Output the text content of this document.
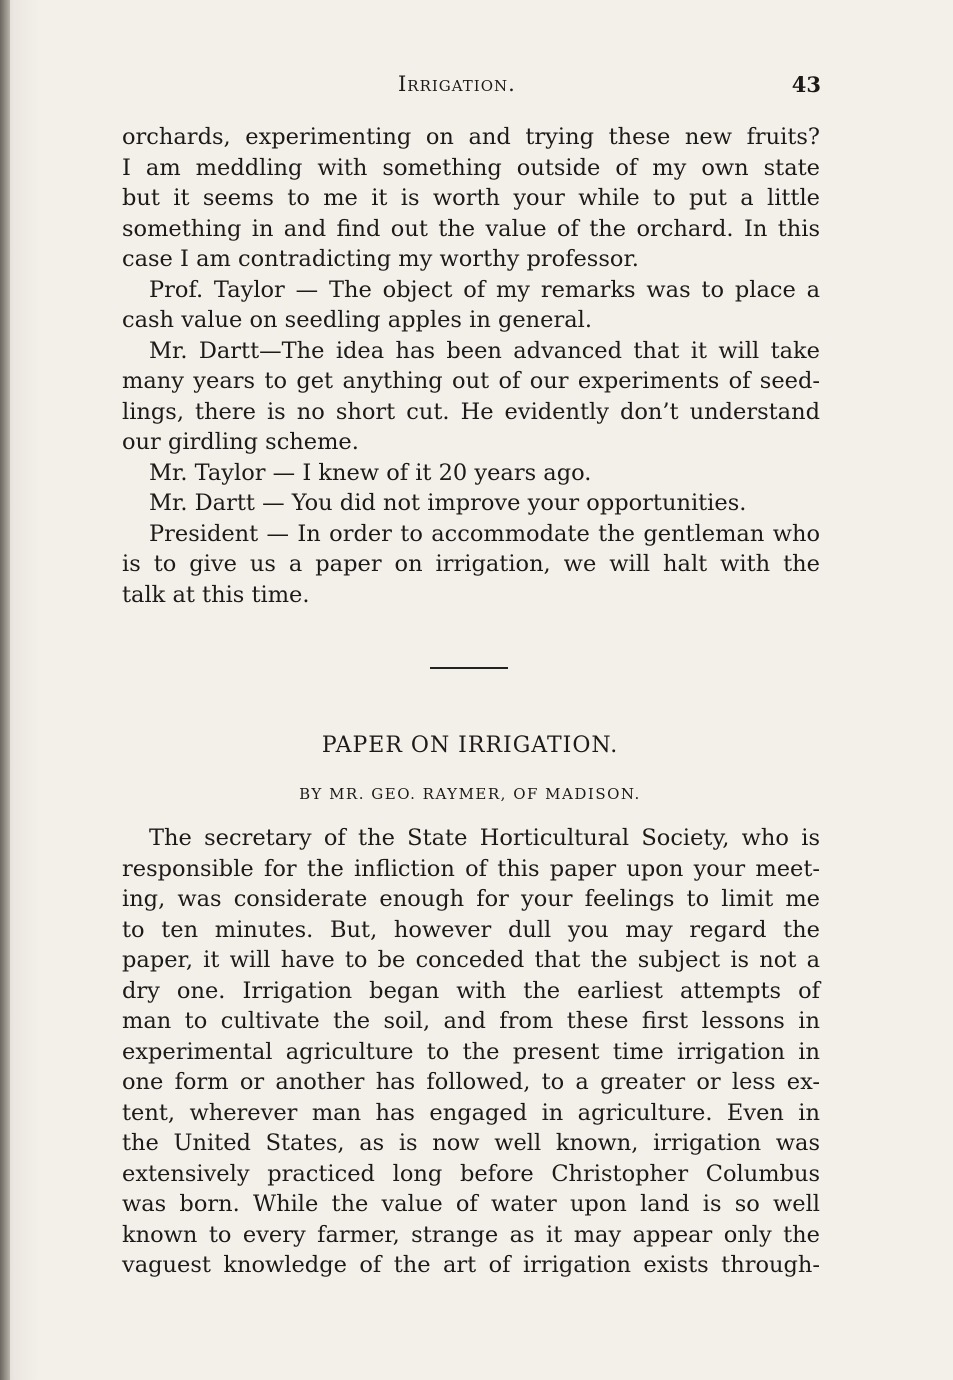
Irrigation.	43
orchards, experimenting on and trying these new fruits?
I am meddling with something outside of my own state
but it seems to me it is worth your while to put a little
something in and find out the value of the orchard. In this
case I am contradicting my worthy professor.
Prof. Taylor — The object of my remarks was to place a
cash value on seedling apples in general.
Mr. Dartt—The idea has been advanced that it will take
many years to get anything out of our experiments of seed-
lings, there is no short cut. He evidently don’t understand
our girdling scheme.
Mr. Taylor — I knew of it 20 years ago.
Mr. Dartt — You did not improve your opportunities.
President — In order to accommodate the gentleman who
is to give us a paper on irrigation, we will halt with the
talk at this time.
PAPER ON IRRIGATION.
BY MR. GEO. RAYMER, OF MADISON.
The secretary of the State Horticultural Society, who is
responsible for the infliction of this paper upon your meet-
ing, was considerate enough for your feelings to limit me
to ten minutes. But, however dull you may regard the
paper, it will have to be conceded that the subject is not a
dry one. Irrigation began with the earliest attempts of
man to cultivate the soil, and from these first lessons in
experimental agriculture to the present time irrigation in
one form or another has followed, to a greater or less ex-
tent, wherever man has engaged in agriculture. Even in
the United States, as is now well known, irrigation was
extensively practiced long before Christopher Columbus
was born. While the value of water upon land is so well
known to every farmer, strange as it may appear only the
vaguest knowledge of the art of irrigation exists through-
